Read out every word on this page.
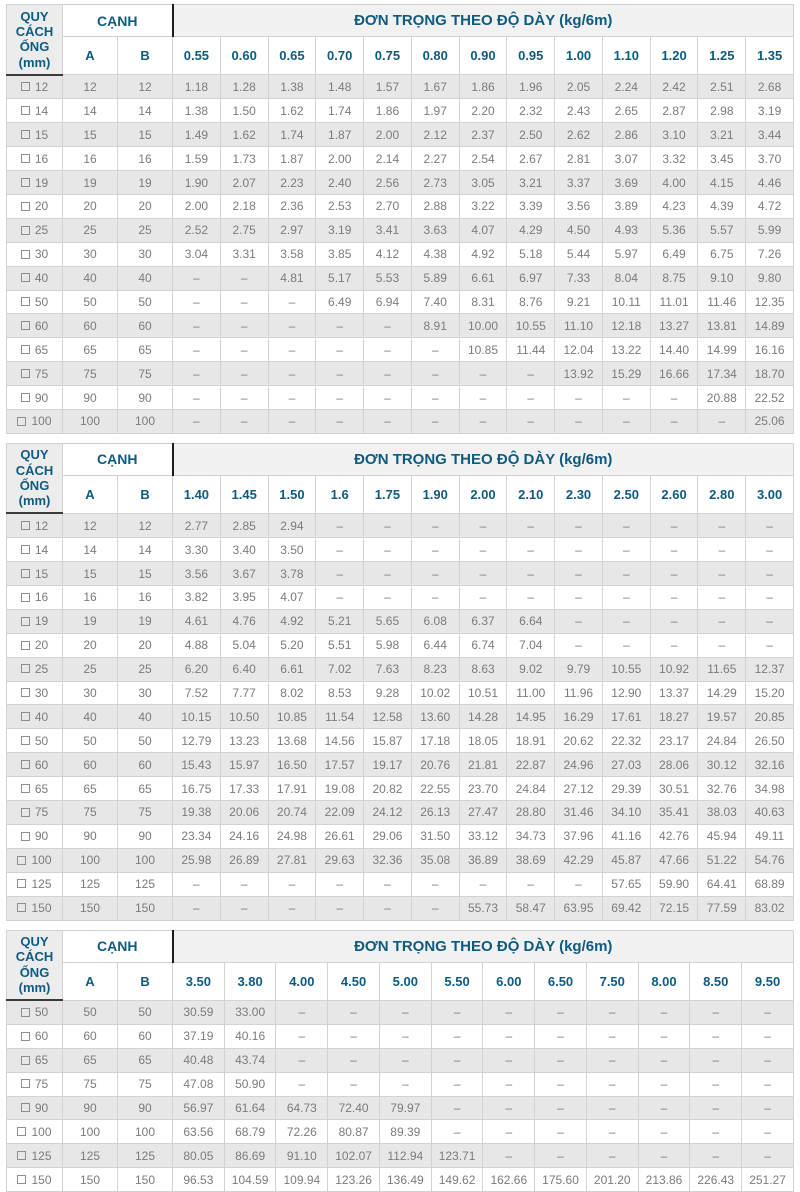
QUY CÁCH ỐNG (mm)	CẠNH		ĐƠN TRỌNG THEO ĐỘ DÀY (kg/6m)												
	A	B	0.55	0.60	0.65	0.70	0.75	0.80	0.90	0.95	1.00	1.10	1.20	1.25	1.35
12	12	12	1.18	1.28	1.38	1.48	1.57	1.67	1.86	1.96	2.05	2.24	2.42	2.51	2.68
14	14	14	1.38	1.50	1.62	1.74	1.86	1.97	2.20	2.32	2.43	2.65	2.87	2.98	3.19
15	15	15	1.49	1.62	1.74	1.87	2.00	2.12	2.37	2.50	2.62	2.86	3.10	3.21	3.44
16	16	16	1.59	1.73	1.87	2.00	2.14	2.27	2.54	2.67	2.81	3.07	3.32	3.45	3.70
19	19	19	1.90	2.07	2.23	2.40	2.56	2.73	3.05	3.21	3.37	3.69	4.00	4.15	4.46
20	20	20	2.00	2.18	2.36	2.53	2.70	2.88	3.22	3.39	3.56	3.89	4.23	4.39	4.72
25	25	25	2.52	2.75	2.97	3.19	3.41	3.63	4.07	4.29	4.50	4.93	5.36	5.57	5.99
30	30	30	3.04	3.31	3.58	3.85	4.12	4.38	4.92	5.18	5.44	5.97	6.49	6.75	7.26
40	40	40	–	–	4.81	5.17	5.53	5.89	6.61	6.97	7.33	8.04	8.75	9.10	9.80
50	50	50	–	–	–	6.49	6.94	7.40	8.31	8.76	9.21	10.11	11.01	11.46	12.35
60	60	60	–	–	–	–	–	8.91	10.00	10.55	11.10	12.18	13.27	13.81	14.89
65	65	65	–	–	–	–	–	–	10.85	11.44	12.04	13.22	14.40	14.99	16.16
75	75	75	–	–	–	–	–	–	–	–	13.92	15.29	16.66	17.34	18.70
90	90	90	–	–	–	–	–	–	–	–	–	–	–	20.88	22.52
100	100	100	–	–	–	–	–	–	–	–	–	–	–	–	25.06
QUY CÁCH ỐNG (mm)	CẠNH		ĐƠN TRỌNG THEO ĐỘ DÀY (kg/6m)												
	A	B	1.40	1.45	1.50	1.6	1.75	1.90	2.00	2.10	2.30	2.50	2.60	2.80	3.00
12	12	12	2.77	2.85	2.94	–	–	–	–	–	–	–	–	–	–
14	14	14	3.30	3.40	3.50	–	–	–	–	–	–	–	–	–	–
15	15	15	3.56	3.67	3.78	–	–	–	–	–	–	–	–	–	–
16	16	16	3.82	3.95	4.07	–	–	–	–	–	–	–	–	–	–
19	19	19	4.61	4.76	4.92	5.21	5.65	6.08	6.37	6.64	–	–	–	–	–
20	20	20	4.88	5.04	5.20	5.51	5.98	6.44	6.74	7.04	–	–	–	–	–
25	25	25	6.20	6.40	6.61	7.02	7.63	8.23	8.63	9.02	9.79	10.55	10.92	11.65	12.37
30	30	30	7.52	7.77	8.02	8.53	9.28	10.02	10.51	11.00	11.96	12.90	13.37	14.29	15.20
40	40	40	10.15	10.50	10.85	11.54	12.58	13.60	14.28	14.95	16.29	17.61	18.27	19.57	20.85
50	50	50	12.79	13.23	13.68	14.56	15.87	17.18	18.05	18.91	20.62	22.32	23.17	24.84	26.50
60	60	60	15.43	15.97	16.50	17.57	19.17	20.76	21.81	22.87	24.96	27.03	28.06	30.12	32.16
65	65	65	16.75	17.33	17.91	19.08	20.82	22.55	23.70	24.84	27.12	29.39	30.51	32.76	34.98
75	75	75	19.38	20.06	20.74	22.09	24.12	26.13	27.47	28.80	31.46	34.10	35.41	38.03	40.63
90	90	90	23.34	24.16	24.98	26.61	29.06	31.50	33.12	34.73	37.96	41.16	42.76	45.94	49.11
100	100	100	25.98	26.89	27.81	29.63	32.36	35.08	36.89	38.69	42.29	45.87	47.66	51.22	54.76
125	125	125	–	–	–	–	–	–	–	–	–	57.65	59.90	64.41	68.89
150	150	150	–	–	–	–	–	–	55.73	58.47	63.95	69.42	72.15	77.59	83.02
QUY CÁCH ỐNG (mm)	CẠNH		ĐƠN TRỌNG THEO ĐỘ DÀY (kg/6m)											
	A	B	3.50	3.80	4.00	4.50	5.00	5.50	6.00	6.50	7.50	8.00	8.50	9.50
50	50	50	30.59	33.00	–	–	–	–	–	–	–	–	–	–
60	60	60	37.19	40.16	–	–	–	–	–	–	–	–	–	–
65	65	65	40.48	43.74	–	–	–	–	–	–	–	–	–	–
75	75	75	47.08	50.90	–	–	–	–	–	–	–	–	–	–
90	90	90	56.97	61.64	64.73	72.40	79.97	–	–	–	–	–	–	–
100	100	100	63.56	68.79	72.26	80.87	89.39	–	–	–	–	–	–	–
125	125	125	80.05	86.69	91.10	102.07	112.94	123.71	–	–	–	–	–	–
150	150	150	96.53	104.59	109.94	123.26	136.49	149.62	162.66	175.60	201.20	213.86	226.43	251.27
